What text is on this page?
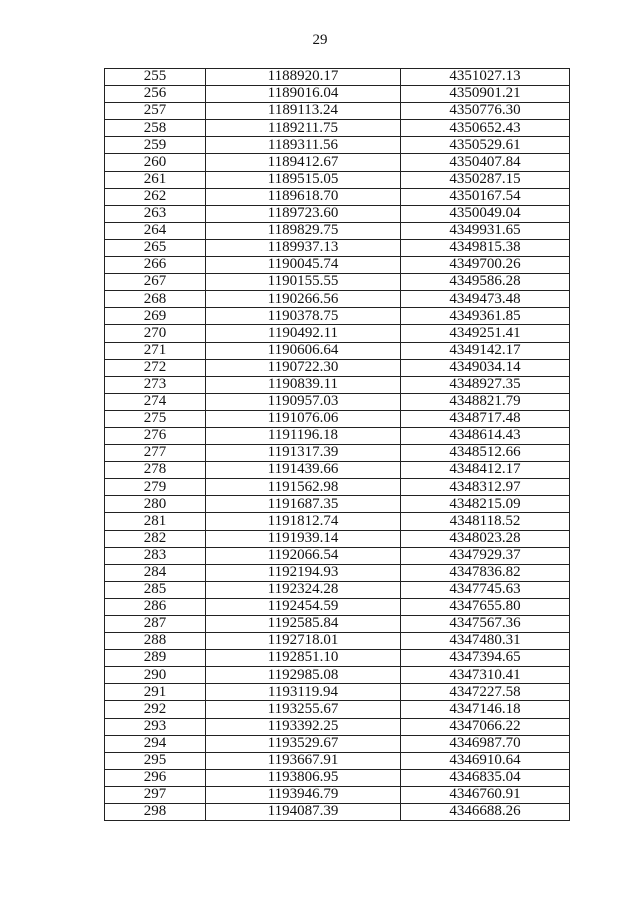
29
255	1188920.17	4351027.13
256	1189016.04	4350901.21
257	1189113.24	4350776.30
258	1189211.75	4350652.43
259	1189311.56	4350529.61
260	1189412.67	4350407.84
261	1189515.05	4350287.15
262	1189618.70	4350167.54
263	1189723.60	4350049.04
264	1189829.75	4349931.65
265	1189937.13	4349815.38
266	1190045.74	4349700.26
267	1190155.55	4349586.28
268	1190266.56	4349473.48
269	1190378.75	4349361.85
270	1190492.11	4349251.41
271	1190606.64	4349142.17
272	1190722.30	4349034.14
273	1190839.11	4348927.35
274	1190957.03	4348821.79
275	1191076.06	4348717.48
276	1191196.18	4348614.43
277	1191317.39	4348512.66
278	1191439.66	4348412.17
279	1191562.98	4348312.97
280	1191687.35	4348215.09
281	1191812.74	4348118.52
282	1191939.14	4348023.28
283	1192066.54	4347929.37
284	1192194.93	4347836.82
285	1192324.28	4347745.63
286	1192454.59	4347655.80
287	1192585.84	4347567.36
288	1192718.01	4347480.31
289	1192851.10	4347394.65
290	1192985.08	4347310.41
291	1193119.94	4347227.58
292	1193255.67	4347146.18
293	1193392.25	4347066.22
294	1193529.67	4346987.70
295	1193667.91	4346910.64
296	1193806.95	4346835.04
297	1193946.79	4346760.91
298	1194087.39	4346688.26
